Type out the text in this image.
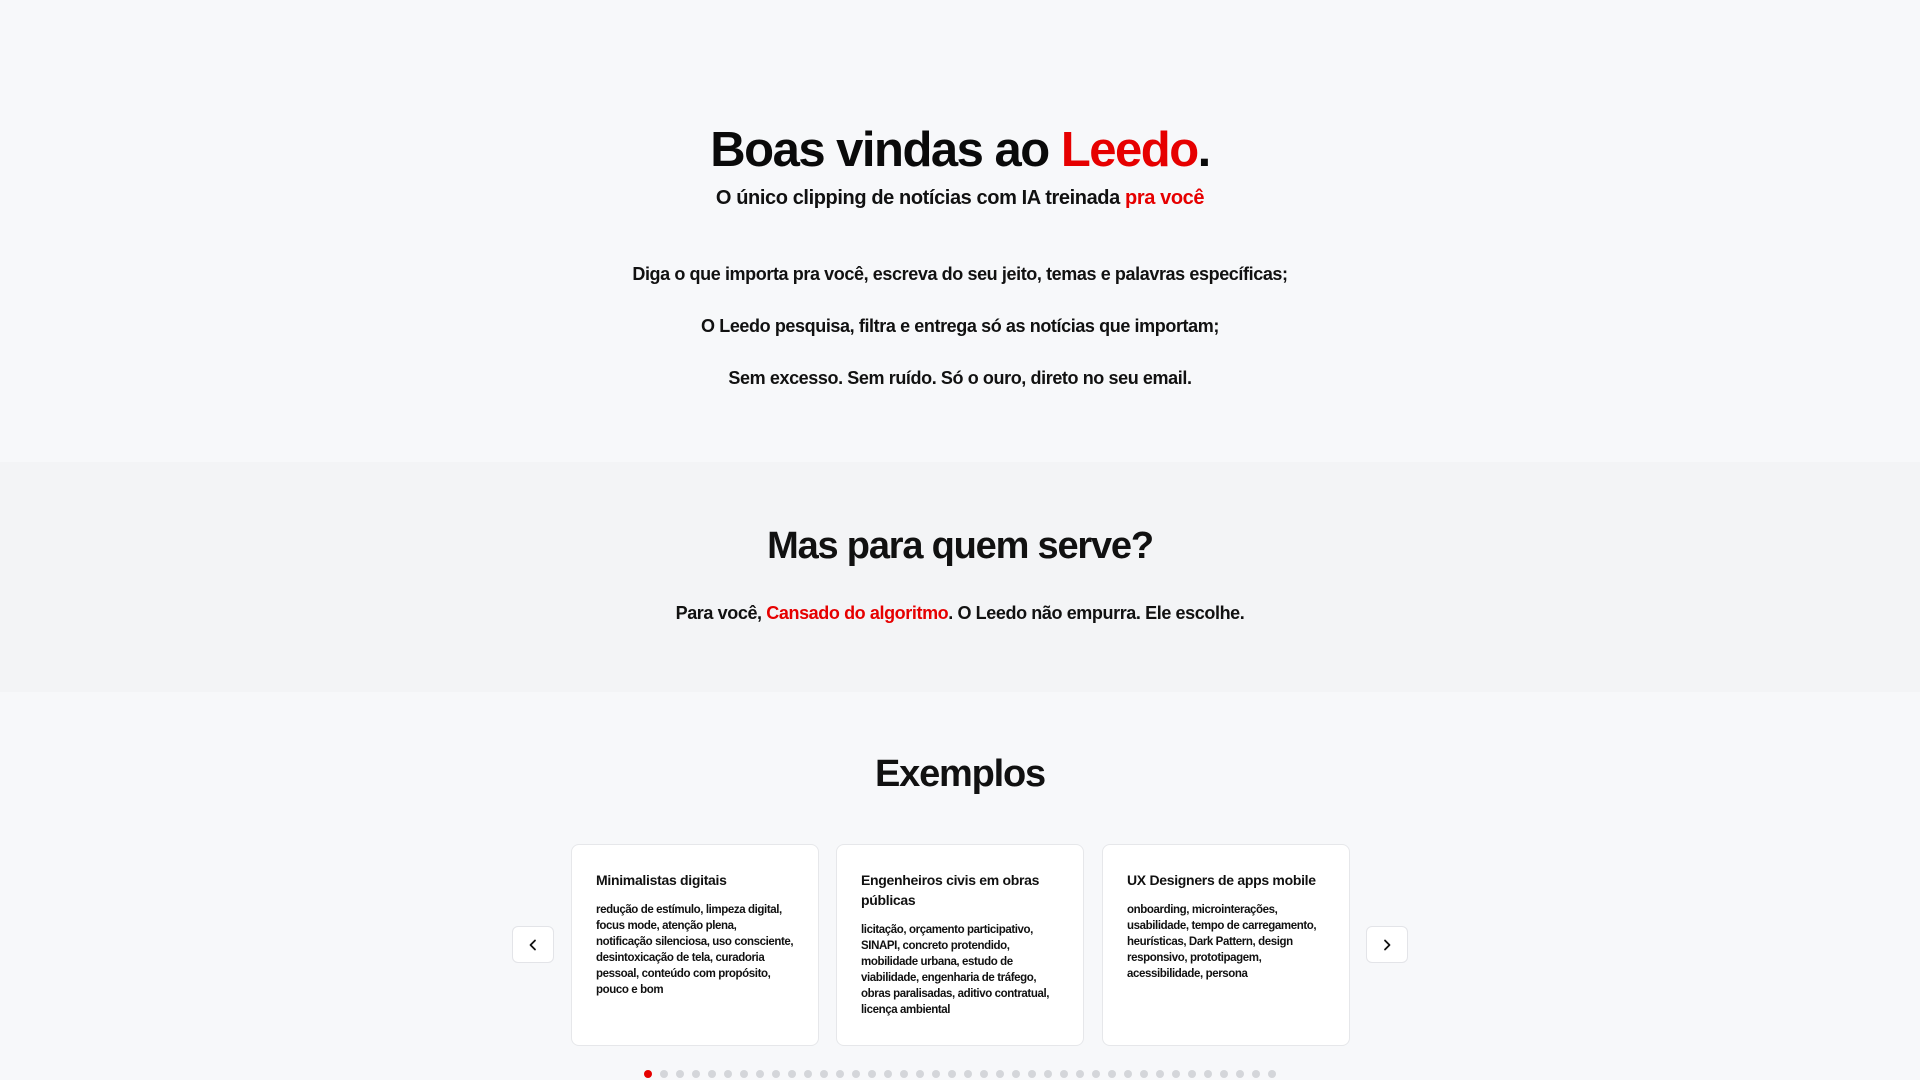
Boas vindas ao Leedo.

O único clipping de notícias com IA treinada pra você

Diga o que importa pra você, escreva do seu jeito, temas e palavras específicas;

O Leedo pesquisa, filtra e entrega só as notícias que importam;

Sem excesso. Sem ruído. Só o ouro, direto no seu email.

Mas para quem serve?

Para você, Cansado do algoritmo. O Leedo não empurra. Ele escolhe.

Exemplos
Minimalistas digitais
redução de estímulo, limpeza digital, focus mode, atenção plena, notificação silenciosa, uso consciente, desintoxicação de tela, curadoria pessoal, conteúdo com propósito, pouco e bom
Engenheiros civis em obras públicas
licitação, orçamento participativo, SINAPI, concreto protendido, mobilidade urbana, estudo de viabilidade, engenharia de tráfego, obras paralisadas, aditivo contratual, licença ambiental
UX Designers de apps mobile
onboarding, microinterações, usabilidade, tempo de carregamento, heurísticas, Dark Pattern, design responsivo, prototipagem, acessibilidade, persona
